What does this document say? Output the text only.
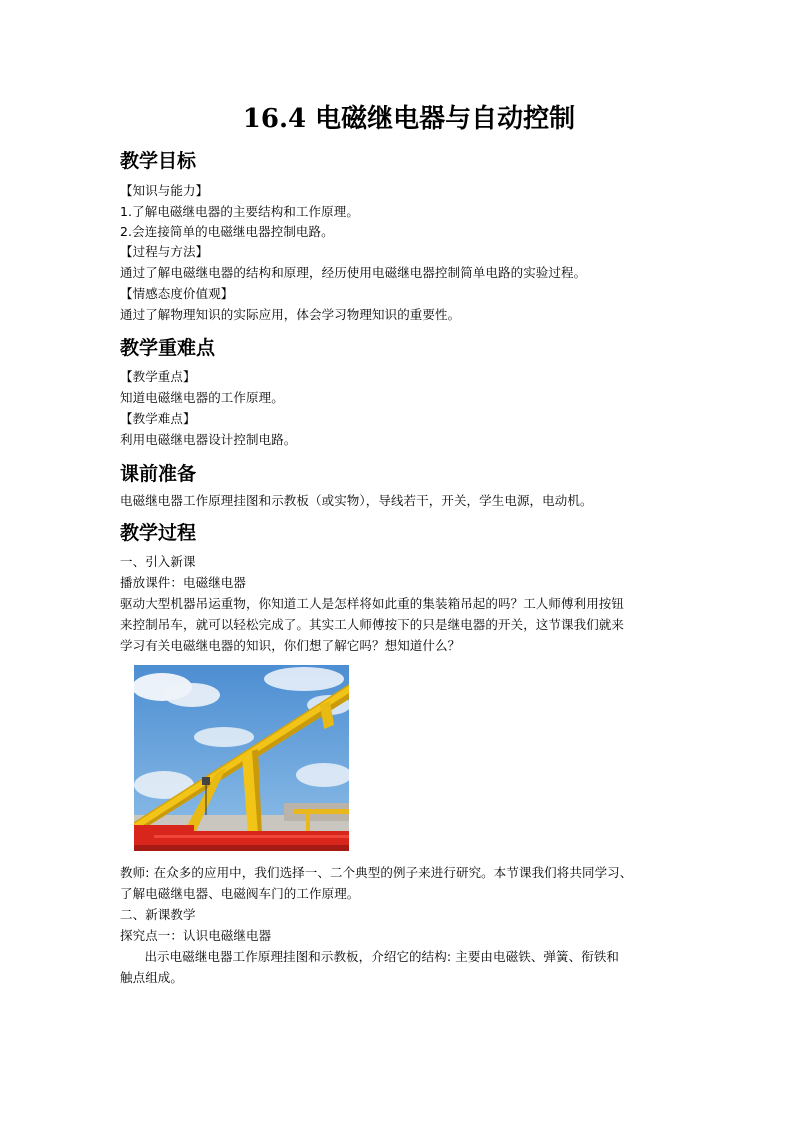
16.4 电磁继电器与自动控制
教学目标
【知识与能力】
1.了解电磁继电器的主要结构和工作原理。
2.会连接简单的电磁继电器控制电路。
【过程与方法】
通过了解电磁继电器的结构和原理，经历使用电磁继电器控制简单电路的实验过程。
【情感态度价值观】
通过了解物理知识的实际应用，体会学习物理知识的重要性。
教学重难点
【教学重点】
知道电磁继电器的工作原理。
【教学难点】
利用电磁继电器设计控制电路。
课前准备
电磁继电器工作原理挂图和示教板（或实物），导线若干，开关，学生电源，电动机。
教学过程
一、引入新课
播放课件：电磁继电器
驱动大型机器吊运重物，你知道工人是怎样将如此重的集装箱吊起的吗？工人师傅利用按钮
来控制吊车，就可以轻松完成了。其实工人师傅按下的只是继电器的开关，这节课我们就来
学习有关电磁继电器的知识，你们想了解它吗？想知道什么？
教师: 在众多的应用中，我们选择一、二个典型的例子来进行研究。本节课我们将共同学习、
了解电磁继电器、电磁阀车门的工作原理。
二、新课教学
探究点一：认识电磁继电器
出示电磁继电器工作原理挂图和示教板，介绍它的结构: 主要由电磁铁、弹簧、衔铁和
触点组成。
